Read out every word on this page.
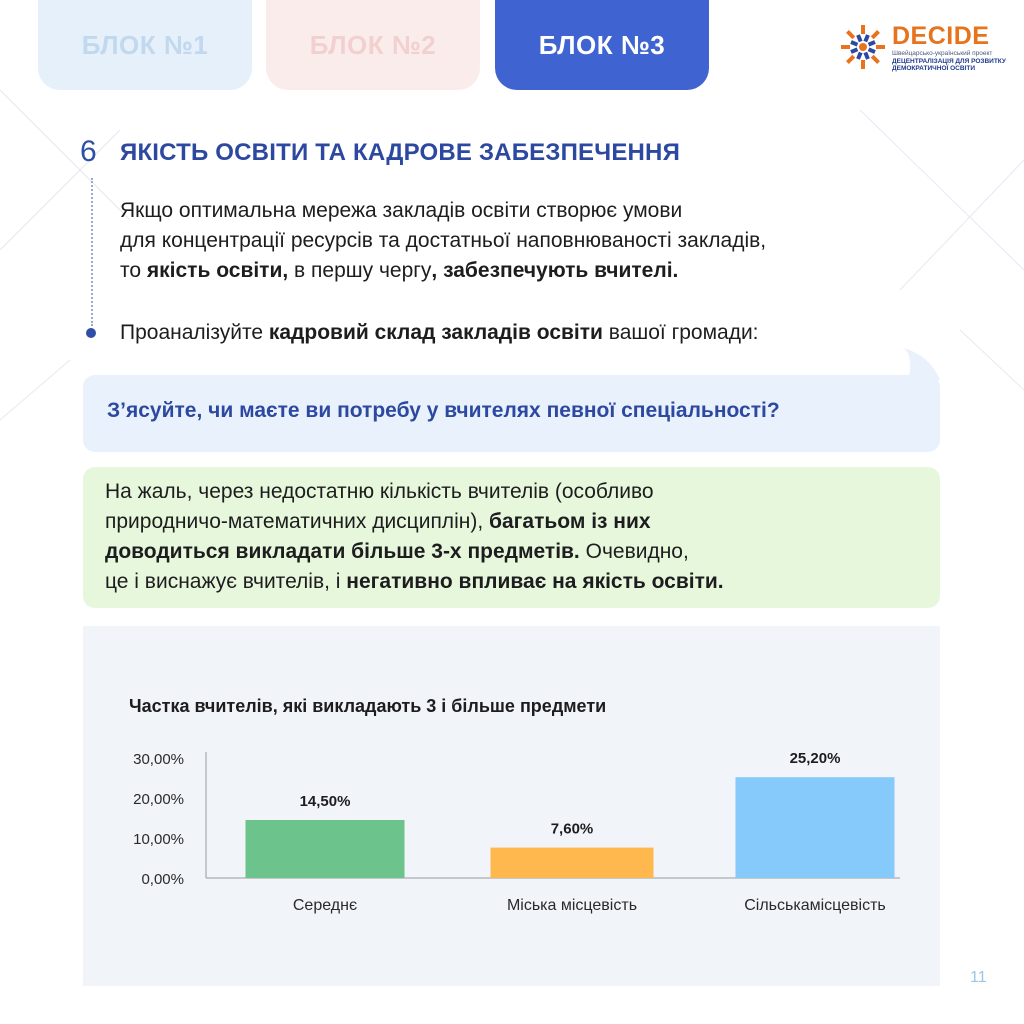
БЛОК №1	БЛОК №2	БЛОК №3	DECIDE
Швейцарсько-український проект
ДЕЦЕНТРАЛІЗАЦІЯ ДЛЯ РОЗВИТКУ
ДЕМОКРАТИЧНОЇ ОСВІТИ
6 ЯКІСТЬ ОСВІТИ ТА КАДРОВЕ ЗАБЕЗПЕЧЕННЯ
Якщо оптимальна мережа закладів освіти створює умови
для концентрації ресурсів та достатньої наповнюваності закладів,
то якість освіти, в першу чергу, забезпечують вчителі.
Проаналізуйте кадровий склад закладів освіти вашої громади:
З’ясуйте, чи маєте ви потребу у вчителях певної спеціальності?
На жаль, через недостатню кількість вчителів (особливо
природничо-математичних дисциплін), багатьом із них
доводиться викладати більше 3-х предметів. Очевидно,
це і виснажує вчителів, і негативно впливає на якість освіти.
Частка вчителів, які викладають 3 і більше предмети
0,00%
10,00%
20,00%
30,00%
14,50%
Середнє
7,60%
Міська місцевість
25,20%
Сільськамісцевість
11
